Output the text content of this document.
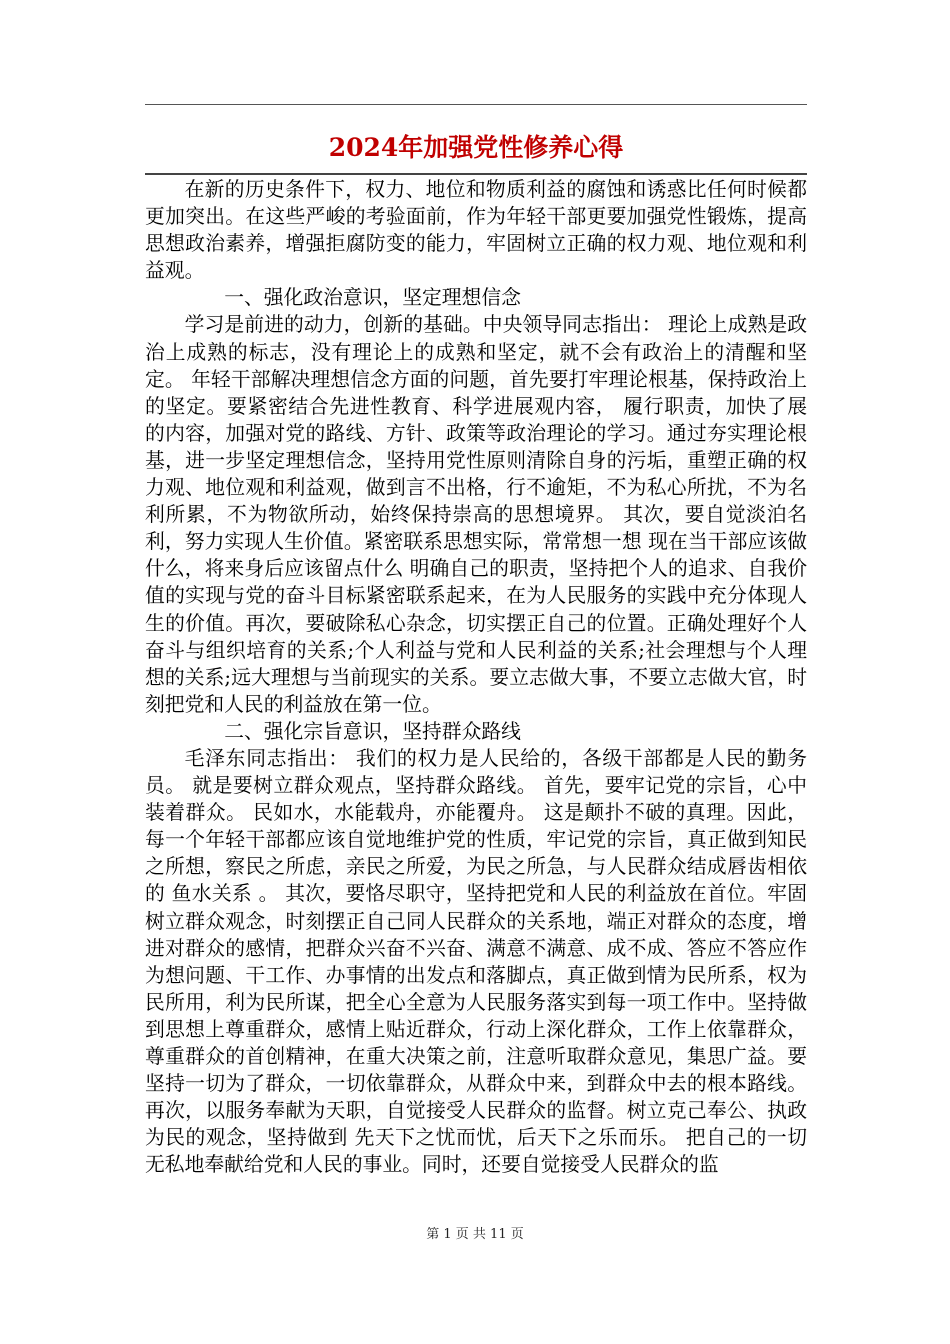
2024年加强党性修养心得

在新的历史条件下，权力、地位和物质利益的腐蚀和诱惑比任何时候都更加突出。在这些严峻的考验面前，作为年轻干部更要加强党性锻炼，提高思想政治素养，增强拒腐防变的能力，牢固树立正确的权力观、地位观和利益观。

一、强化政治意识，坚定理想信念

学习是前进的动力，创新的基础。中央领导同志指出： 理论上成熟是政治上成熟的标志，没有理论上的成熟和坚定，就不会有政治上的清醒和坚定。 年轻干部解决理想信念方面的问题，首先要打牢理论根基，保持政治上的坚定。要紧密结合先进性教育、科学进展观内容， 履行职责，加快了展 的内容，加强对党的路线、方针、政策等政治理论的学习。通过夯实理论根基，进一步坚定理想信念，坚持用党性原则清除自身的污垢，重塑正确的权力观、地位观和利益观，做到言不出格，行不逾矩，不为私心所扰，不为名利所累，不为物欲所动，始终保持崇高的思想境界。 其次，要自觉淡泊名利，努力实现人生价值。紧密联系思想实际，常常想一想 现在当干部应该做什么，将来身后应该留点什么 明确自己的职责，坚持把个人的追求、自我价值的实现与党的奋斗目标紧密联系起来，在为人民服务的实践中充分体现人生的价值。再次，要破除私心杂念，切实摆正自己的位置。正确处理好个人奋斗与组织培育的关系;个人利益与党和人民利益的关系;社会理想与个人理想的关系;远大理想与当前现实的关系。要立志做大事，不要立志做大官，时刻把党和人民的利益放在第一位。

二、强化宗旨意识，坚持群众路线

毛泽东同志指出： 我们的权力是人民给的，各级干部都是人民的勤务员。 就是要树立群众观点，坚持群众路线。 首先，要牢记党的宗旨，心中装着群众。 民如水，水能载舟，亦能覆舟。 这是颠扑不破的真理。因此，每一个年轻干部都应该自觉地维护党的性质，牢记党的宗旨，真正做到知民之所想，察民之所虑，亲民之所爱，为民之所急，与人民群众结成唇齿相依的 鱼水关系 。 其次，要恪尽职守，坚持把党和人民的利益放在首位。牢固树立群众观念，时刻摆正自己同人民群众的关系地，端正对群众的态度，增进对群众的感情，把群众兴奋不兴奋、满意不满意、成不成、答应不答应作为想问题、干工作、办事情的出发点和落脚点，真正做到情为民所系，权为民所用，利为民所谋，把全心全意为人民服务落实到每一项工作中。坚持做到思想上尊重群众，感情上贴近群众，行动上深化群众，工作上依靠群众，尊重群众的首创精神，在重大决策之前，注意听取群众意见，集思广益。要坚持一切为了群众，一切依靠群众，从群众中来，到群众中去的根本路线。再次，以服务奉献为天职，自觉接受人民群众的监督。树立克己奉公、执政为民的观念，坚持做到 先天下之忧而忧，后天下之乐而乐。 把自己的一切无私地奉献给党和人民的事业。同时，还要自觉接受人民群众的监

第 1 页 共 11 页
